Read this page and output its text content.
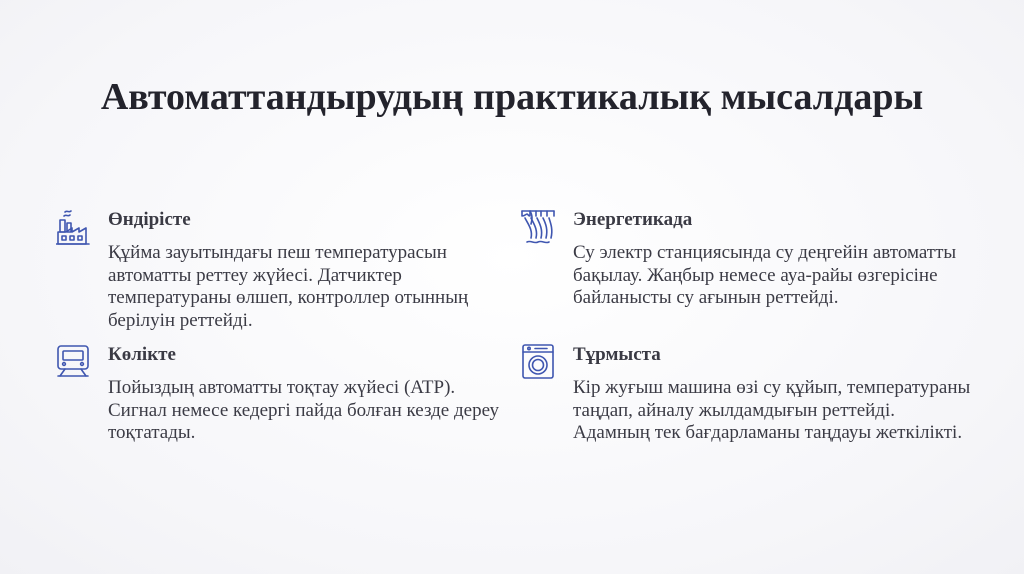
Автоматтандырудың практикалық мысалдары
Өндірісте
Құйма зауытындағы пеш температурасын автоматты реттеу жүйесі. Датчиктер температураны өлшеп, контроллер отынның берілуін реттейді.
Энергетикада
Су электр станциясында су деңгейін автоматты бақылау. Жаңбыр немесе ауа-райы өзгерісіне байланысты су ағынын реттейді.
Көлікте
Пойыздың автоматты тоқтау жүйесі (ATP). Сигнал немесе кедергі пайда болған кезде дереу тоқтатады.
Тұрмыста
Кір жуғыш машина өзі су құйып, температураны таңдап, айналу жылдамдығын реттейді. Адамның тек бағдарламаны таңдауы жеткілікті.
